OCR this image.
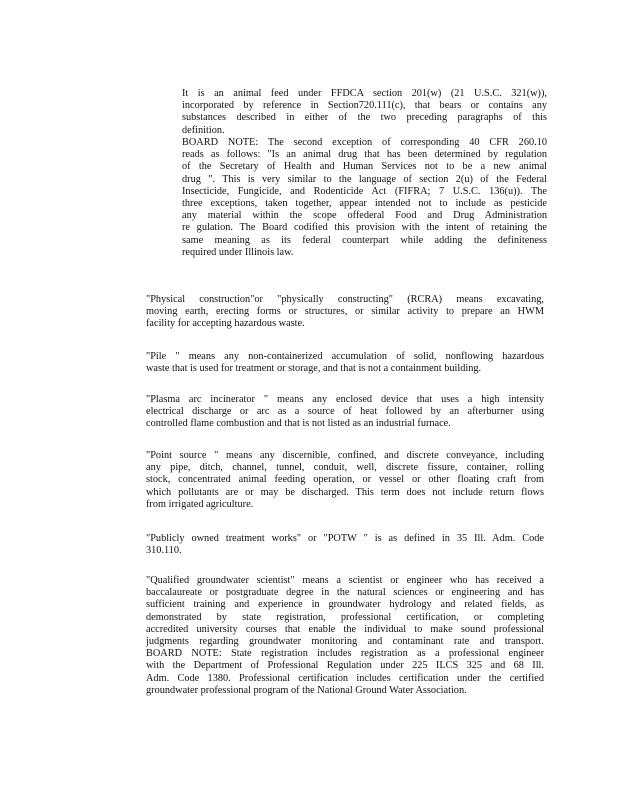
It is an animal feed under FFDCA section 201(w) (21 U.S.C. 321(w)),
incorporated by reference in Section720.111(c), that bears or contains any
substances described in either of the two preceding paragraphs of this
definition.
BOARD NOTE: The second exception of corresponding 40 CFR 260.10
reads as follows: "Is an animal drug that has been determined by regulation
of the Secretary of Health and Human Services not to be a new animal
drug ". This is very similar to the language of section 2(u) of the Federal
Insecticide, Fungicide, and Rodenticide Act (FIFRA; 7 U.S.C. 136(u)). The
three exceptions, taken together, appear intended not to include as pesticide
any material within the scope offederal Food and Drug Administration
re gulation. The Board codified this provision with the intent of retaining the
same meaning as its federal counterpart while adding the definiteness
required under Illinois law.
"Physical construction"or "physically constructing" (RCRA) means excavating,
moving earth, erecting forms or structures, or similar activity to prepare an HWM
facility for accepting hazardous waste.
"Pile " means any non-containerized accumulation of solid, nonflowing hazardous
waste that is used for treatment or storage, and that is not a containment building.
"Plasma arc incinerator " means any enclosed device that uses a high intensity
electrical discharge or arc as a source of heat followed by an afterburner using
controlled flame combustion and that is not listed as an industrial furnace.
"Point source " means any discernible, confined, and discrete conveyance, including
any pipe, ditch, channel, tunnel, conduit, well, discrete fissure, container, rolling
stock, concentrated animal feeding operation, or vessel or other floating craft from
which pollutants are or may be discharged. This term does not include return flows
from irrigated agriculture.
"Publicly owned treatment works" or "POTW " is as defined in 35 Ill. Adm. Code
310.110.
"Qualified groundwater scientist" means a scientist or engineer who has received a
baccalaureate or postgraduate degree in the natural sciences or engineering and has
sufficient training and experience in groundwater hydrology and related fields, as
demonstrated by state registration, professional certification, or completing
accredited university courses that enable the individual to make sound professional
judgments regarding groundwater monitoring and contaminant rate and transport.
BOARD NOTE: State registration includes registration as a professional engineer
with the Department of Professional Regulation under 225 ILCS 325 and 68 Ill.
Adm. Code 1380. Professional certification includes certification under the certified
groundwater professional program of the National Ground Water Association.
